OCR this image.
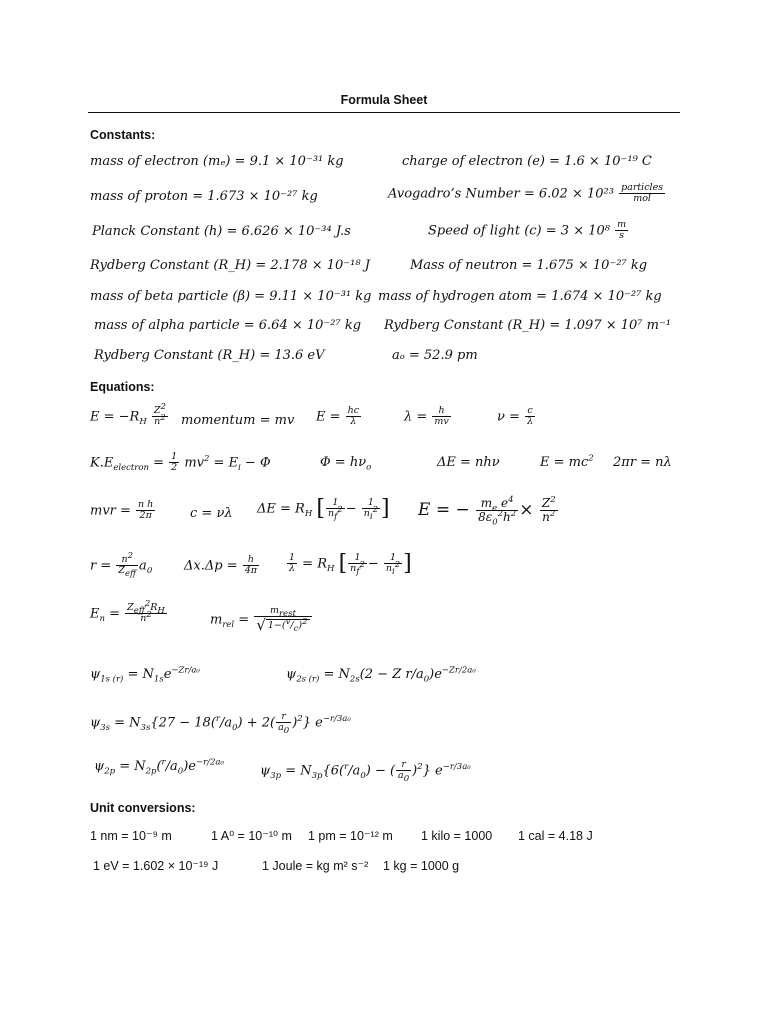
Formula Sheet
Constants:
mass of electron (mₑ) = 9.1 × 10⁻³¹ kg	charge of electron (e) = 1.6 × 10⁻¹⁹ C
mass of proton = 1.673 × 10⁻²⁷ kg	Avogadro’s Number = 6.02 × 10²³ particles
mol
Planck Constant (h) = 6.626 × 10⁻³⁴ J.s	Speed of light $(c) = 3 \times 10^8 \frac{m}{s}$
Rydberg Constant (R_H) = 2.178 × 10⁻¹⁸ J	Mass of neutron = 1.675 × 10⁻²⁷ kg
mass of beta particle (β) = 9.11 × 10⁻³¹ kg mass of hydrogen atom = 1.674 × 10⁻²⁷ kg
mass of alpha particle = 6.64 × 10⁻²⁷ kg Rydberg Constant (R_H) = 1.097 × 10⁷ m⁻¹
Rydberg Constant (R_H) = 13.6 eV	aₒ = 52.9 pm
Equations:
$E = -R_H \frac{Z^2}{n^2}$ momentum = mv $E = \frac{hc}{\lambda}$	$\lambda = \frac{h}{mv}$	$\nu = \frac{c}{\lambda}$
$K.E_{electron} = \frac{1}{2} mv^2 = E_i - \Phi$	$\Phi = h\nu_o$	ΔE = nhν	$E = mc^2$ 2πr = nλ
mvr = $\frac{\text{n h}}{2\pi}$	c = νλ $\Delta E = R_H$ [ $\frac{1}{n_f^2} - \frac{1}{n_i^2}$ ] E = − $\frac{m_e e^4}{8\varepsilon_0^2h^2} \times \frac{Z^2}{n^2}$
$r = n^2$
$Z_{eff}$
$a_0$ $\Delta x.\Delta p = \frac{h}{4\pi}$	$\frac{1}{\lambda} = R_H$ [ $\frac{1}{n_f^2} - \frac{1}{n_i^2}$ ]
$E_n = Z_{eff}^2R_H$
$n^2$	$m_{rel}$ =
$m_{rest}$
√ $1-(^v/_c)^2$
$\psi_{1s (r)} = N_{1s}e^{-Zr/a_0}$	$\psi_{2s (r)} = N_{2s}(2 - Z$ $r/a_0)e^{-Zr/2a_0}$
$\psi_{3s} = N_{3s}\{27 - 18(^r/a_0) + 2( \frac{r}{a_0} )^2\}$ $e^{-r/3a_0}$
$\psi_{2p} = N_{2p}(^r/a_0)e^{-r/2a_0}$
$\psi_{3p} = N_{3p}\{6(^r/a_0)$ − ( $\frac{r}{a_0} )^2$} $e^{-r/3a_0}$
Unit conversions:
1 nm = 10⁻⁹ m	1 A⁰ = 10⁻¹⁰ m 1 pm = 10⁻¹² m 1 kilo = 1000 1 cal = 4.18 J
1 eV = 1.602 × 10⁻¹⁹ J	1 Joule = kg m² s⁻² 1 kg = 1000 g
